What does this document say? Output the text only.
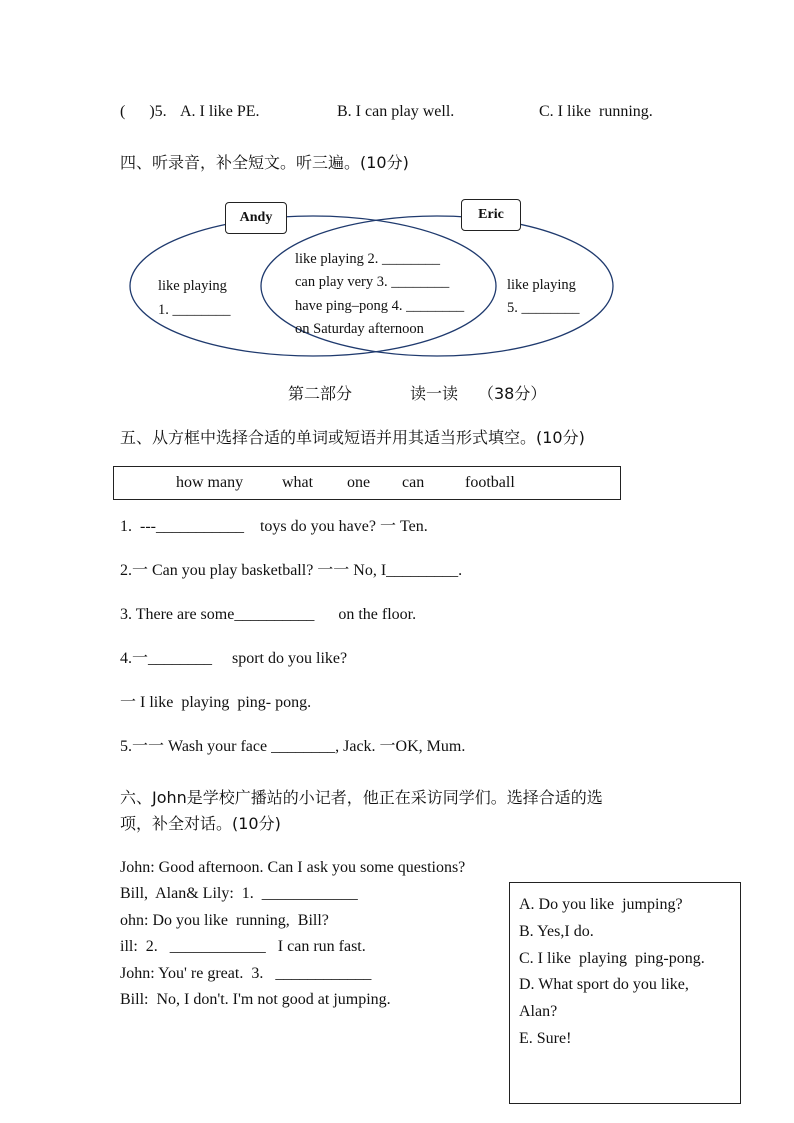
(      )5. A. I like PE.	B. I can play well.	C. I like  running.
四、听录音，补全短文。听三遍。(10分)
Andy	Eric
like playing
1. ________
like playing 2. ________
can play very 3. ________
have ping–pong 4. ________
on Saturday afternoon
like playing
5. ________
第二部分	读一读 （38分）
五、从方框中选择合适的单词或短语并用其适当形式填空。(10分)
how many what one can	football
1.  ---___________    toys do you have? 一 Ten.
2.一 Can you play basketball? 一一 No, I_________.
3. There are some__________      on the floor.
4.一________     sport do you like?
一 I like  playing  ping- pong.
5.一一 Wash your face ________, Jack. 一OK, Mum.
六、John是学校广播站的小记者，他正在采访同学们。选择合适的选
项，补全对话。(10分)
John: Good afternoon. Can I ask you some questions?
Bill,  Alan& Lily:  1.  ____________
ohn: Do you like  running,  Bill?
ill:  2.   ____________   I can run fast.
John: You' re great.  3.   ____________
Bill:  No, I don't. I'm not good at jumping.
A. Do you like  jumping?
B. Yes,I do.
C. I like  playing  ping-pong.
D. What sport do you like,
Alan?
E. Sure!
